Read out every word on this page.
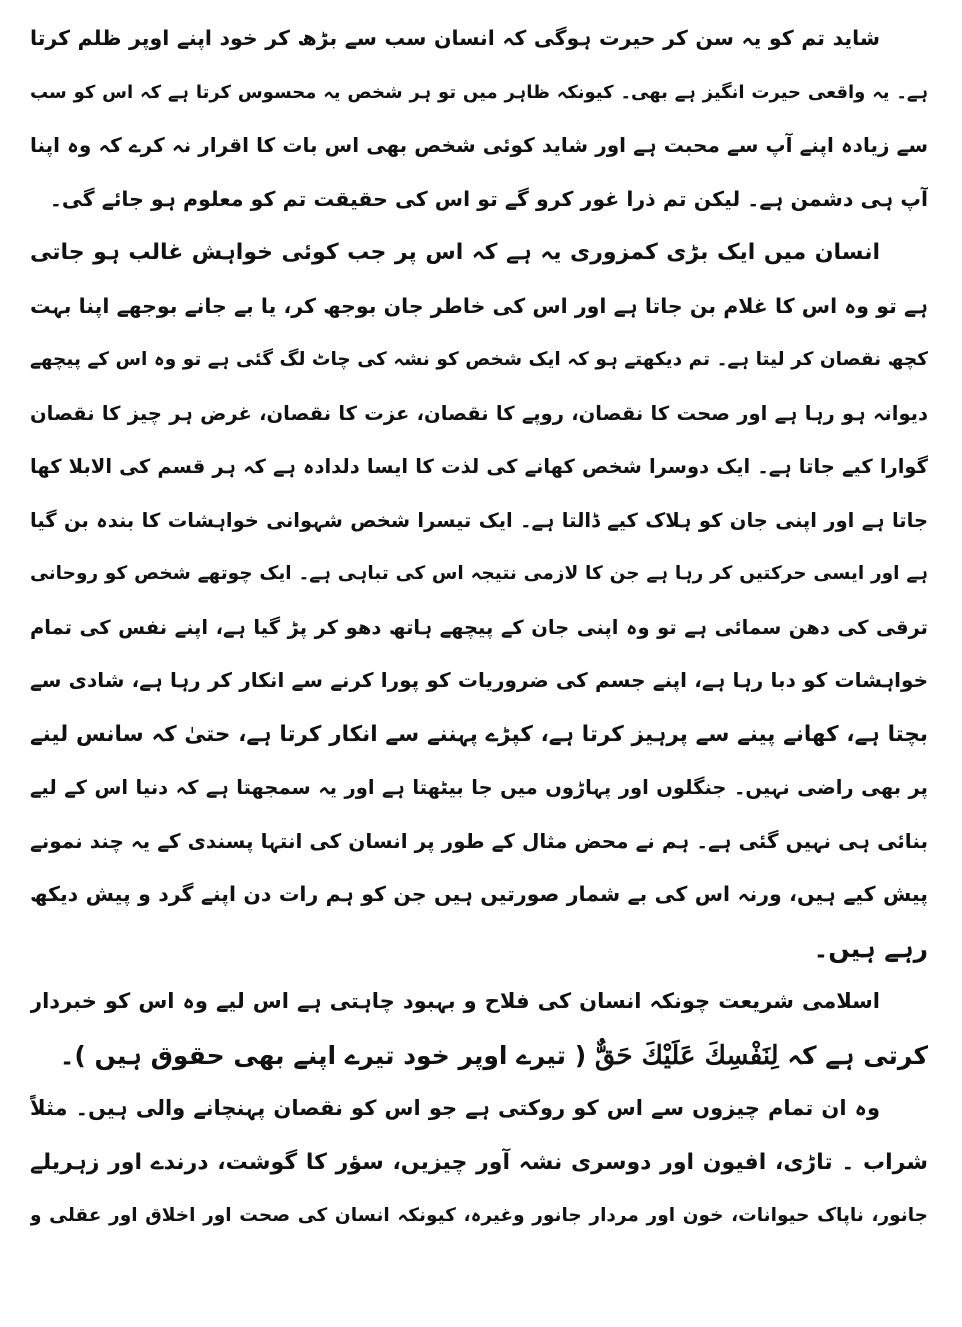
شاید تم کو یہ سن کر حیرت ہوگی کہ انسان سب سے بڑھ کر خود اپنے اوپر ظلم کرتا
ہے۔ یہ واقعی حیرت انگیز ہے بھی۔ کیونکہ ظاہر میں تو ہر شخص یہ محسوس کرتا ہے کہ اس کو سب
سے زیادہ اپنے آپ سے محبت ہے اور شاید کوئی شخص بھی اس بات کا اقرار نہ کرے کہ وہ اپنا
آپ ہی دشمن ہے۔ لیکن تم ذرا غور کرو گے تو اس کی حقیقت تم کو معلوم ہو جائے گی۔
انسان میں ایک بڑی کمزوری یہ ہے کہ اس پر جب کوئی خواہش غالب ہو جاتی
ہے تو وہ اس کا غلام بن جاتا ہے اور اس کی خاطر جان بوجھ کر، یا بے جانے بوجھے اپنا بہت
کچھ نقصان کر لیتا ہے۔ تم دیکھتے ہو کہ ایک شخص کو نشہ کی چاٹ لگ گئی ہے تو وہ اس کے پیچھے
دیوانہ ہو رہا ہے اور صحت کا نقصان، روپے کا نقصان، عزت کا نقصان، غرض ہر چیز کا نقصان
گوارا کیے جاتا ہے۔ ایک دوسرا شخص کھانے کی لذت کا ایسا دلدادہ ہے کہ ہر قسم کی الابلا کھا
جاتا ہے اور اپنی جان کو ہلاک کیے ڈالتا ہے۔ ایک تیسرا شخص شہوانی خواہشات کا بندہ بن گیا
ہے اور ایسی حرکتیں کر رہا ہے جن کا لازمی نتیجہ اس کی تباہی ہے۔ ایک چوتھے شخص کو روحانی
ترقی کی دھن سمائی ہے تو وہ اپنی جان کے پیچھے ہاتھ دھو کر پڑ گیا ہے، اپنے نفس کی تمام
خواہشات کو دبا رہا ہے، اپنے جسم کی ضروریات کو پورا کرنے سے انکار کر رہا ہے، شادی سے
بچتا ہے، کھانے پینے سے پرہیز کرتا ہے، کپڑے پہننے سے انکار کرتا ہے، حتیٰ کہ سانس لینے
پر بھی راضی نہیں۔ جنگلوں اور پہاڑوں میں جا بیٹھتا ہے اور یہ سمجھتا ہے کہ دنیا اس کے لیے
بنائی ہی نہیں گئی ہے۔ ہم نے محض مثال کے طور پر انسان کی انتہا پسندی کے یہ چند نمونے
پیش کیے ہیں، ورنہ اس کی بے شمار صورتیں ہیں جن کو ہم رات دن اپنے گرد و پیش دیکھ
رہے ہیں۔
اسلامی شریعت چونکہ انسان کی فلاح و بہبود چاہتی ہے اس لیے وہ اس کو خبردار
کرتی ہے کہ لِنَفْسِكَ عَلَيْكَ حَقٌّ ( تیرے اوپر خود تیرے اپنے بھی حقوق ہیں )۔
وہ ان تمام چیزوں سے اس کو روکتی ہے جو اس کو نقصان پہنچانے والی ہیں۔ مثلاً
شراب ۔ تاڑی، افیون اور دوسری نشہ آور چیزیں، سؤر کا گوشت، درندے اور زہریلے
جانور، ناپاک حیوانات، خون اور مردار جانور وغیرہ، کیونکہ انسان کی صحت اور اخلاق اور عقلی و
